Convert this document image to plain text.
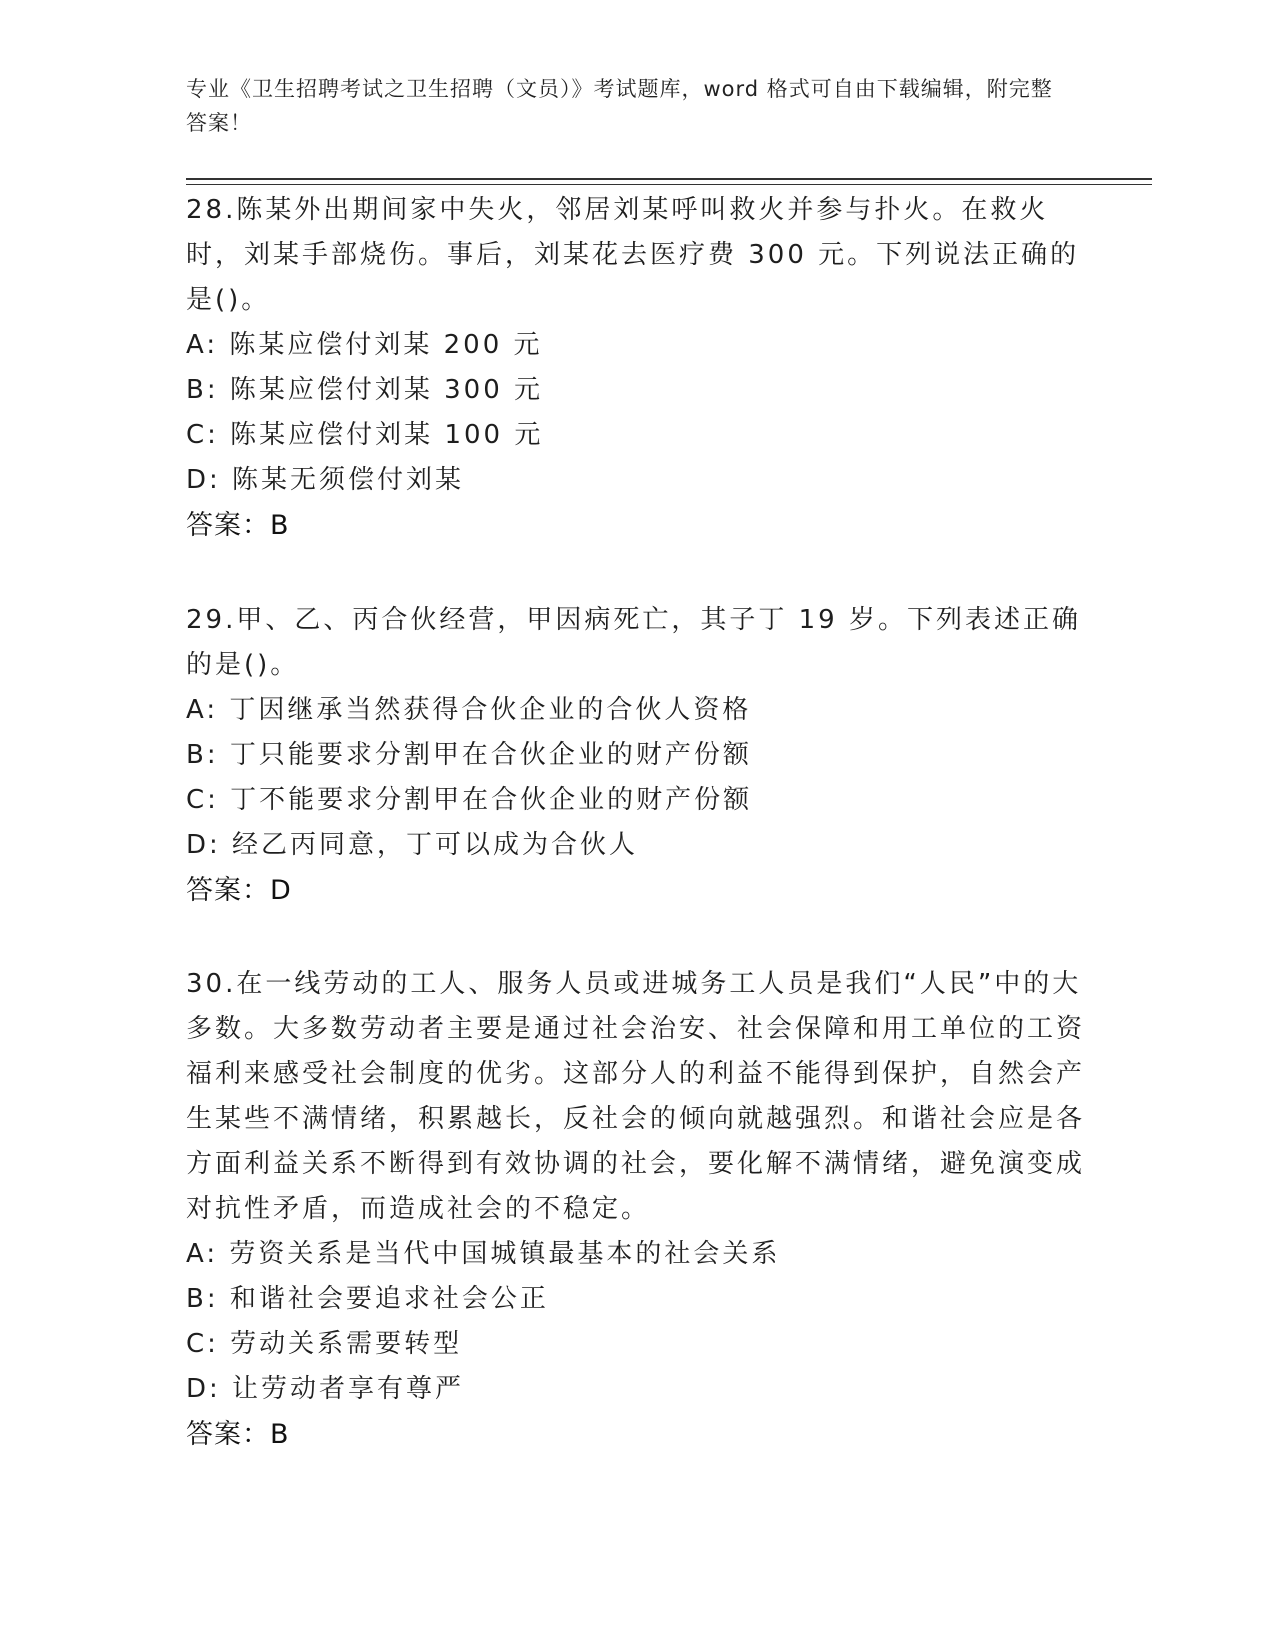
专业《卫生招聘考试之卫生招聘（文员）》考试题库，word 格式可自由下载编辑，附完整答案！

28.陈某外出期间家中失火，邻居刘某呼叫救火并参与扑火。在救火时，刘某手部烧伤。事后，刘某花去医疗费 300 元。下列说法正确的是()。

A: 陈某应偿付刘某 200 元
B: 陈某应偿付刘某 300 元
C: 陈某应偿付刘某 100 元
D: 陈某无须偿付刘某
答案：B

29.甲、乙、丙合伙经营，甲因病死亡，其子丁 19 岁。下列表述正确的是()。

A: 丁因继承当然获得合伙企业的合伙人资格
B: 丁只能要求分割甲在合伙企业的财产份额
C: 丁不能要求分割甲在合伙企业的财产份额
D: 经乙丙同意，丁可以成为合伙人
答案：D

30.在一线劳动的工人、服务人员或进城务工人员是我们“人民”中的大多数。大多数劳动者主要是通过社会治安、社会保障和用工单位的工资福利来感受社会制度的优劣。这部分人的利益不能得到保护，自然会产生某些不满情绪，积累越长，反社会的倾向就越强烈。和谐社会应是各方面利益关系不断得到有效协调的社会，要化解不满情绪，避免演变成对抗性矛盾，而造成社会的不稳定。

A: 劳资关系是当代中国城镇最基本的社会关系
B: 和谐社会要追求社会公正
C: 劳动关系需要转型
D: 让劳动者享有尊严
答案：B
